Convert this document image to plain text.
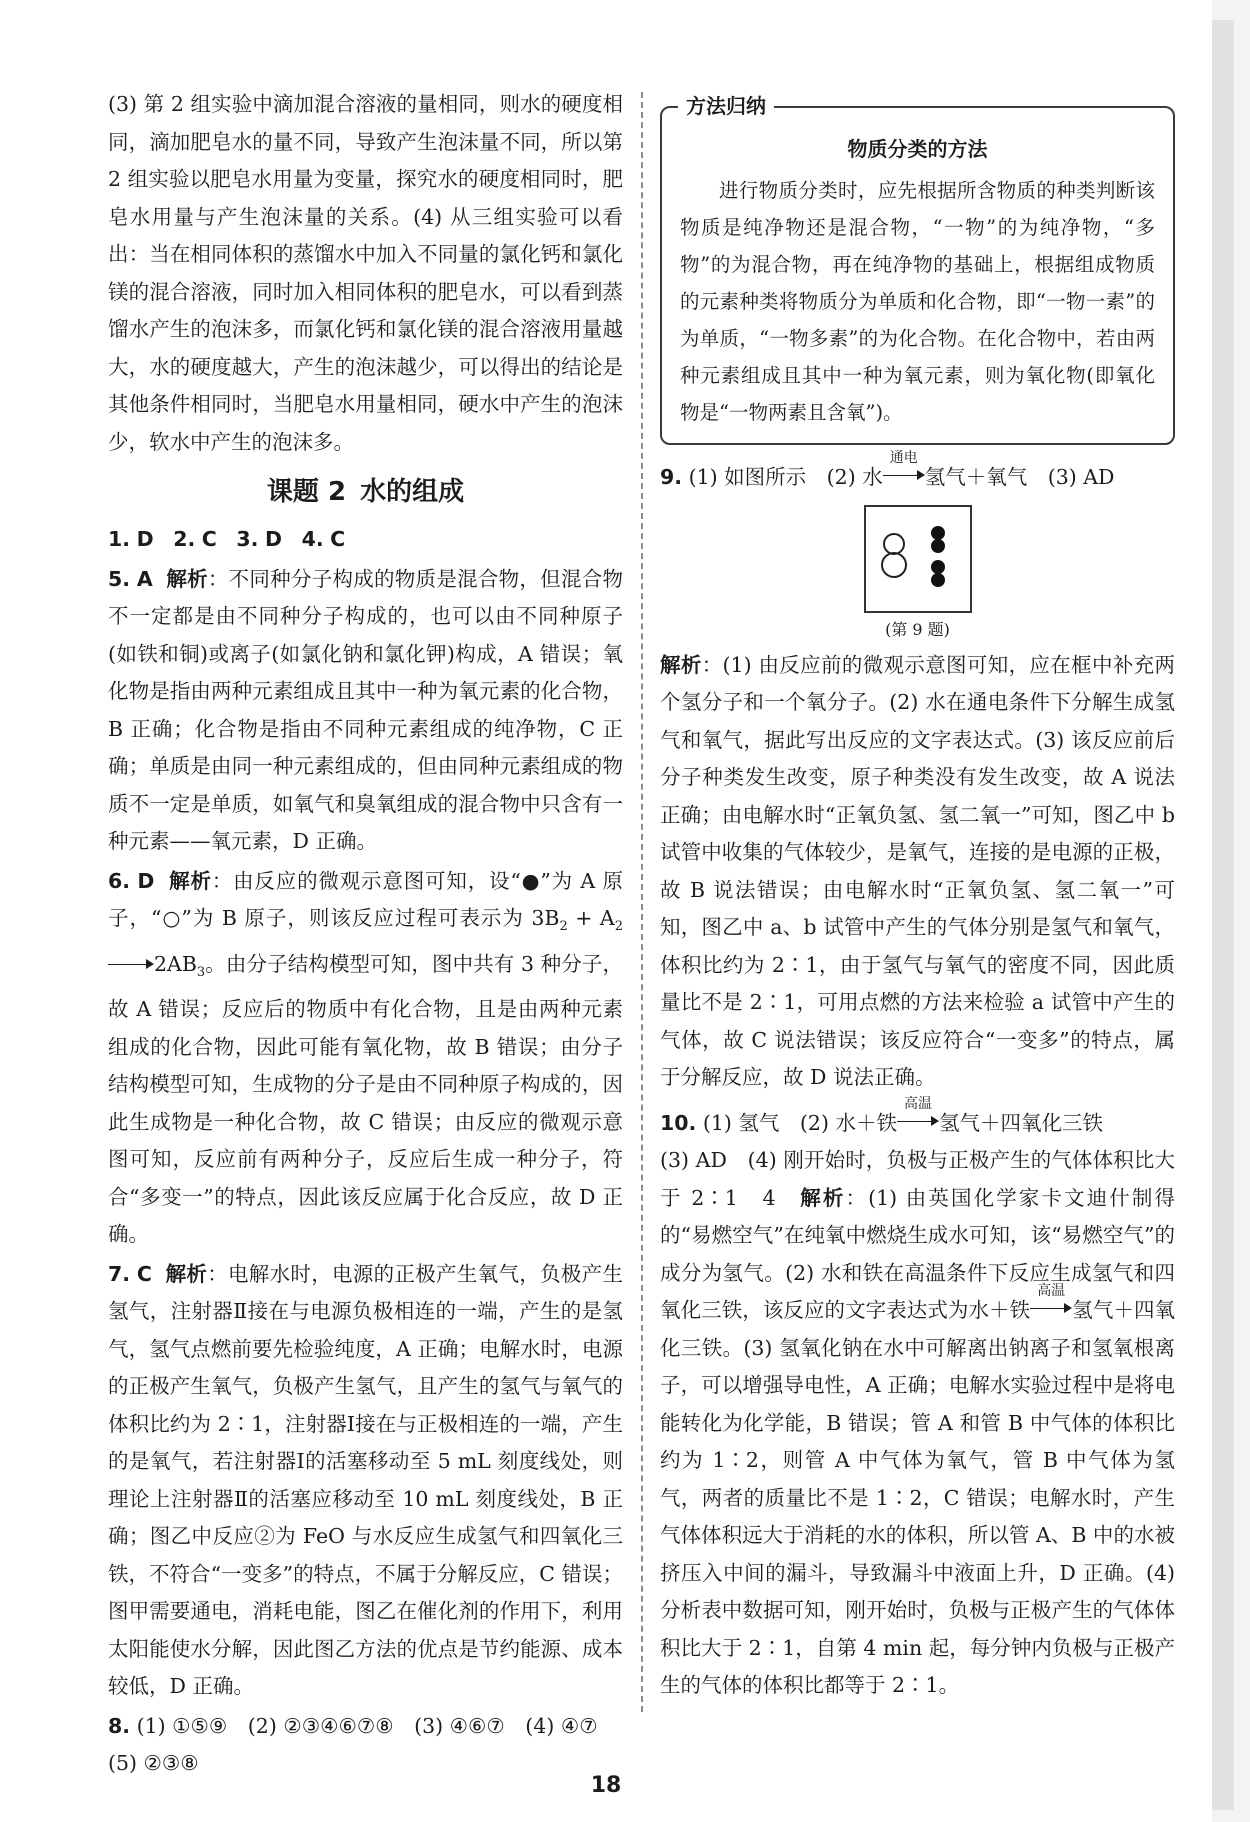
(3) 第 2 组实验中滴加混合溶液的量相同，则水的硬度相同，滴加肥皂水的量不同，导致产生泡沫量不同，所以第 2 组实验以肥皂水用量为变量，探究水的硬度相同时，肥皂水用量与产生泡沫量的关系。(4) 从三组实验可以看出：当在相同体积的蒸馏水中加入不同量的氯化钙和氯化镁的混合溶液，同时加入相同体积的肥皂水，可以看到蒸馏水产生的泡沫多，而氯化钙和氯化镁的混合溶液用量越大，水的硬度越大，产生的泡沫越少，可以得出的结论是其他条件相同时，当肥皂水用量相同，硬水中产生的泡沫少，软水中产生的泡沫多。

课题 2 水的组成

1. D 2. C 3. D 4. C

5. A 解析：不同种分子构成的物质是混合物，但混合物不一定都是由不同种分子构成的，也可以由不同种原子(如铁和铜)或离子(如氯化钠和氯化钾)构成，A 错误；氧化物是指由两种元素组成且其中一种为氧元素的化合物，B 正确；化合物是指由不同种元素组成的纯净物，C 正确；单质是由同一种元素组成的，但由同种元素组成的物质不一定是单质，如氧气和臭氧组成的混合物中只含有一种元素——氧元素，D 正确。

6. D 解析：由反应的微观示意图可知，设“●”为 A 原子，“○”为 B 原子，则该反应过程可表示为 $3B_2 + A_2$
$2AB_3$。由分子结构模型可知，图中共有 3 种分子，故 A 错误；反应后的物质中有化合物，且是由两种元素组成的化合物，因此可能有氧化物，故 B 错误；由分子结构模型可知，生成物的分子是由不同种原子构成的，因此生成物是一种化合物，故 C 错误；由反应的微观示意图可知，反应前有两种分子，反应后生成一种分子，符合“多变一”的特点，因此该反应属于化合反应，故 D 正确。

7. C 解析：电解水时，电源的正极产生氧气，负极产生氢气，注射器Ⅱ接在与电源负极相连的一端，产生的是氢气，氢气点燃前要先检验纯度，A 正确；电解水时，电源的正极产生氧气，负极产生氢气，且产生的氢气与氧气的体积比约为 2∶1，注射器Ⅰ接在与正极相连的一端，产生的是氧气，若注射器Ⅰ的活塞移动至 5 mL 刻度线处，则理论上注射器Ⅱ的活塞应移动至 10 mL 刻度线处，B 正确；图乙中反应②为 FeO 与水反应生成氢气和四氧化三铁，不符合“一变多”的特点，不属于分解反应，C 错误；图甲需要通电，消耗电能，图乙在催化剂的作用下，利用太阳能使水分解，因此图乙方法的优点是节约能源、成本较低，D 正确。

8. (1) ①⑤⑨　(2) ②③④⑥⑦⑧　(3) ④⑥⑦　(4) ④⑦
(5) ②③⑧

方法归纳
物质分类的方法

进行物质分类时，应先根据所含物质的种类判断该物质是纯净物还是混合物，“一物”的为纯净物，“多物”的为混合物，再在纯净物的基础上，根据组成物质的元素种类将物质分为单质和化合物，即“一物一素”的为单质，“一物多素”的为化合物。在化合物中，若由两种元素组成且其中一种为氧元素，则为氧化物(即氧化物是“一物两素且含氧”)。

9. (1) 如图所示　(2) 水
通电
氢气＋氧气　(3) AD

(第 9 题)

解析：(1) 由反应前的微观示意图可知，应在框中补充两个氢分子和一个氧分子。(2) 水在通电条件下分解生成氢气和氧气，据此写出反应的文字表达式。(3) 该反应前后分子种类发生改变，原子种类没有发生改变，故 A 说法正确；由电解水时“正氧负氢、氢二氧一”可知，图乙中 b 试管中收集的气体较少，是氧气，连接的是电源的正极，故 B 说法错误；由电解水时“正氧负氢、氢二氧一”可知，图乙中 a、b 试管中产生的气体分别是氢气和氧气，体积比约为 2∶1，由于氢气与氧气的密度不同，因此质量比不是 2∶1，可用点燃的方法来检验 a 试管中产生的气体，故 C 说法错误；该反应符合“一变多”的特点，属于分解反应，故 D 说法正确。

10. (1) 氢气　(2) 水＋铁
高温
氢气＋四氧化三铁
(3) AD　(4) 刚开始时，负极与正极产生的气体体积比大于 2∶1　4　解析：(1) 由英国化学家卡文迪什制得的“易燃空气”在纯氧中燃烧生成水可知，该“易燃空气”的成分为氢气。(2) 水和铁在高温条件下反应生成氢气和四氧化三铁，该反应的文字表达式为水＋铁
高温
氢气＋四氧化三铁。(3) 氢氧化钠在水中可解离出钠离子和氢氧根离子，可以增强导电性，A 正确；电解水实验过程中是将电能转化为化学能，B 错误；管 A 和管 B 中气体的体积比约为 1∶2，则管 A 中气体为氧气，管 B 中气体为氢气，两者的质量比不是 1∶2，C 错误；电解水时，产生气体体积远大于消耗的水的体积，所以管 A、B 中的水被挤压入中间的漏斗，导致漏斗中液面上升，D 正确。(4) 分析表中数据可知，刚开始时，负极与正极产生的气体体积比大于 2∶1，自第 4 min 起，每分钟内负极与正极产生的气体的体积比都等于 2∶1。

18
